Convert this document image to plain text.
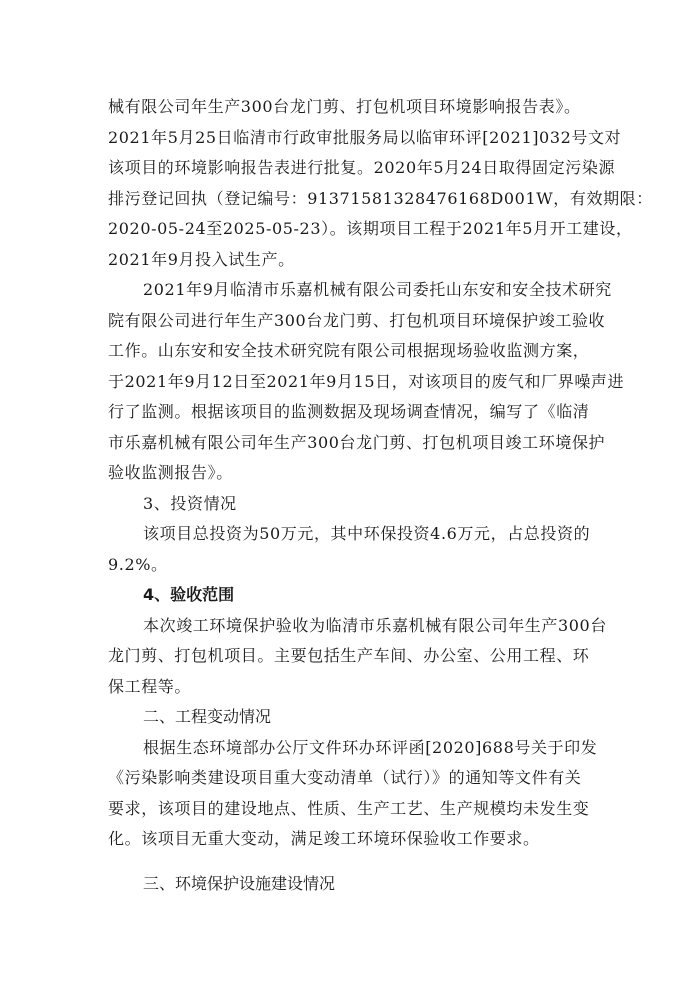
械有限公司年生产300台龙门剪、打包机项目环境影响报告表》。
2021年5月25日临清市行政审批服务局以临审环评[2021]032号文对
该项目的环境影响报告表进行批复。2020年5月24日取得固定污染源
排污登记回执（登记编号：91371581328476168D001W，有效期限：
2020-05-24至2025-05-23）。该期项目工程于2021年5月开工建设，
2021年9月投入试生产。
2021年9月临清市乐嘉机械有限公司委托山东安和安全技术研究
院有限公司进行年生产300台龙门剪、打包机项目环境保护竣工验收
工作。山东安和安全技术研究院有限公司根据现场验收监测方案，
于2021年9月12日至2021年9月15日，对该项目的废气和厂界噪声进
行了监测。根据该项目的监测数据及现场调查情况，编写了《临清
市乐嘉机械有限公司年生产300台龙门剪、打包机项目竣工环境保护
验收监测报告》。
3、投资情况
该项目总投资为50万元，其中环保投资4.6万元，占总投资的
9.2%。
4、验收范围
本次竣工环境保护验收为临清市乐嘉机械有限公司年生产300台
龙门剪、打包机项目。主要包括生产车间、办公室、公用工程、环
保工程等。
二、工程变动情况
根据生态环境部办公厅文件环办环评函[2020]688号关于印发
《污染影响类建设项目重大变动清单（试行）》的通知等文件有关
要求，该项目的建设地点、性质、生产工艺、生产规模均未发生变
化。该项目无重大变动，满足竣工环境环保验收工作要求。
三、环境保护设施建设情况
